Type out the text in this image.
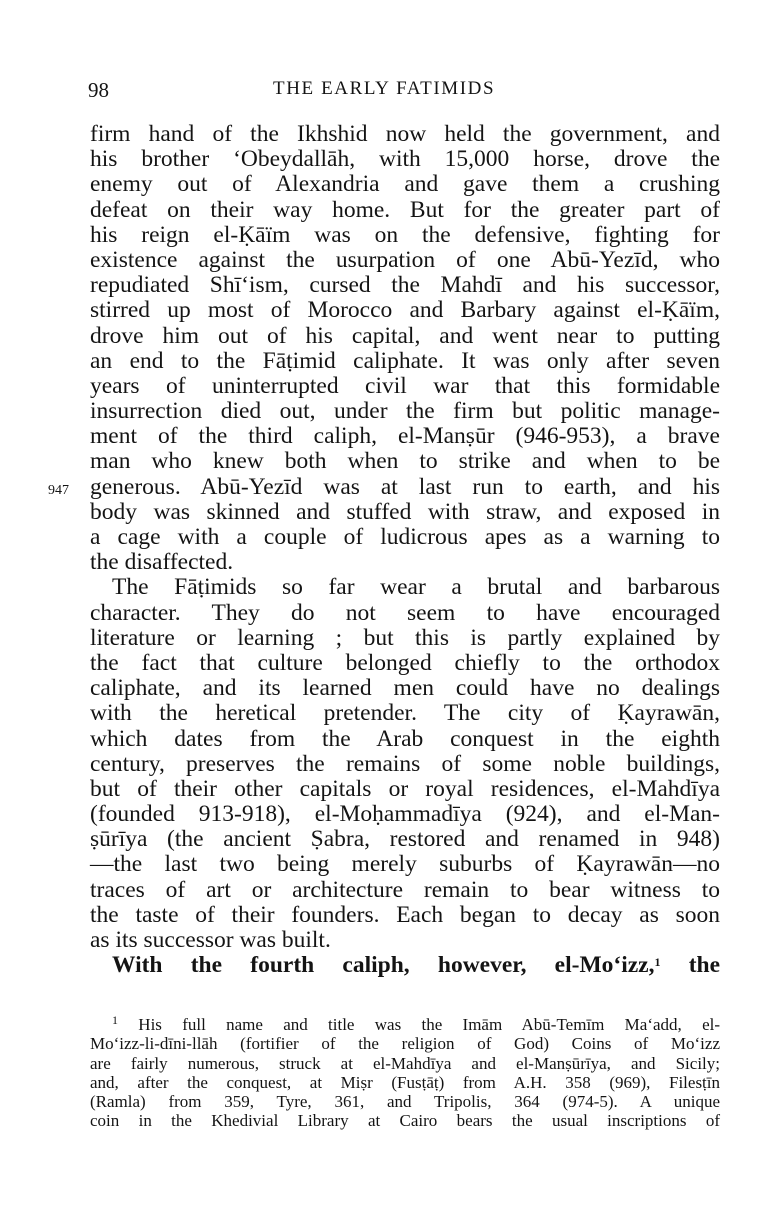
98	THE EARLY FATIMIDS
947
firm hand of the Ikhshid now held the government, and
his brother ‘Obeydallāh, with 15,000 horse, drove the
enemy out of Alexandria and gave them a crushing
defeat on their way home. But for the greater part of
his reign el-Ḳāïm was on the defensive, fighting for
existence against the usurpation of one Abū-Yezīd, who
repudiated Shī‘ism, cursed the Mahdī and his successor,
stirred up most of Morocco and Barbary against el-Ḳāïm,
drove him out of his capital, and went near to putting
an end to the Fāṭimid caliphate. It was only after seven
years of uninterrupted civil war that this formidable
insurrection died out, under the firm but politic manage-
ment of the third caliph, el-Manṣūr (946-953), a brave
man who knew both when to strike and when to be
generous. Abū-Yezīd was at last run to earth, and his
body was skinned and stuffed with straw, and exposed in
a cage with a couple of ludicrous apes as a warning to
the disaffected.
The Fāṭimids so far wear a brutal and barbarous
character. They do not seem to have encouraged
literature or learning ; but this is partly explained by
the fact that culture belonged chiefly to the orthodox
caliphate, and its learned men could have no dealings
with the heretical pretender. The city of Ḳayrawān,
which dates from the Arab conquest in the eighth
century, preserves the remains of some noble buildings,
but of their other capitals or royal residences, el-Mahdīya
(founded 913-918), el-Moḥammadīya (924), and el-Man-
ṣūrīya (the ancient Ṣabra, restored and renamed in 948)
—the last two being merely suburbs of Ḳayrawān—no
traces of art or architecture remain to bear witness to
the taste of their founders. Each began to decay as soon
as its successor was built.
With the fourth caliph, however, el-Mo‘izz,$^1$ the
$^1$ His full name and title was the Imām Abū-Temīm Ma‘add, el-
Mo‘izz-li-dīni-llāh (fortifier of the religion of God) Coins of Mo‘izz
are fairly numerous, struck at el-Mahdīya and el-Manṣūrīya, and Sicily;
and, after the conquest, at Miṣr (Fusṭāṭ) from A.H. 358 (969), Filesṭīn
(Ramla) from 359, Tyre, 361, and Tripolis, 364 (974-5). A unique
coin in the Khedivial Library at Cairo bears the usual inscriptions of
